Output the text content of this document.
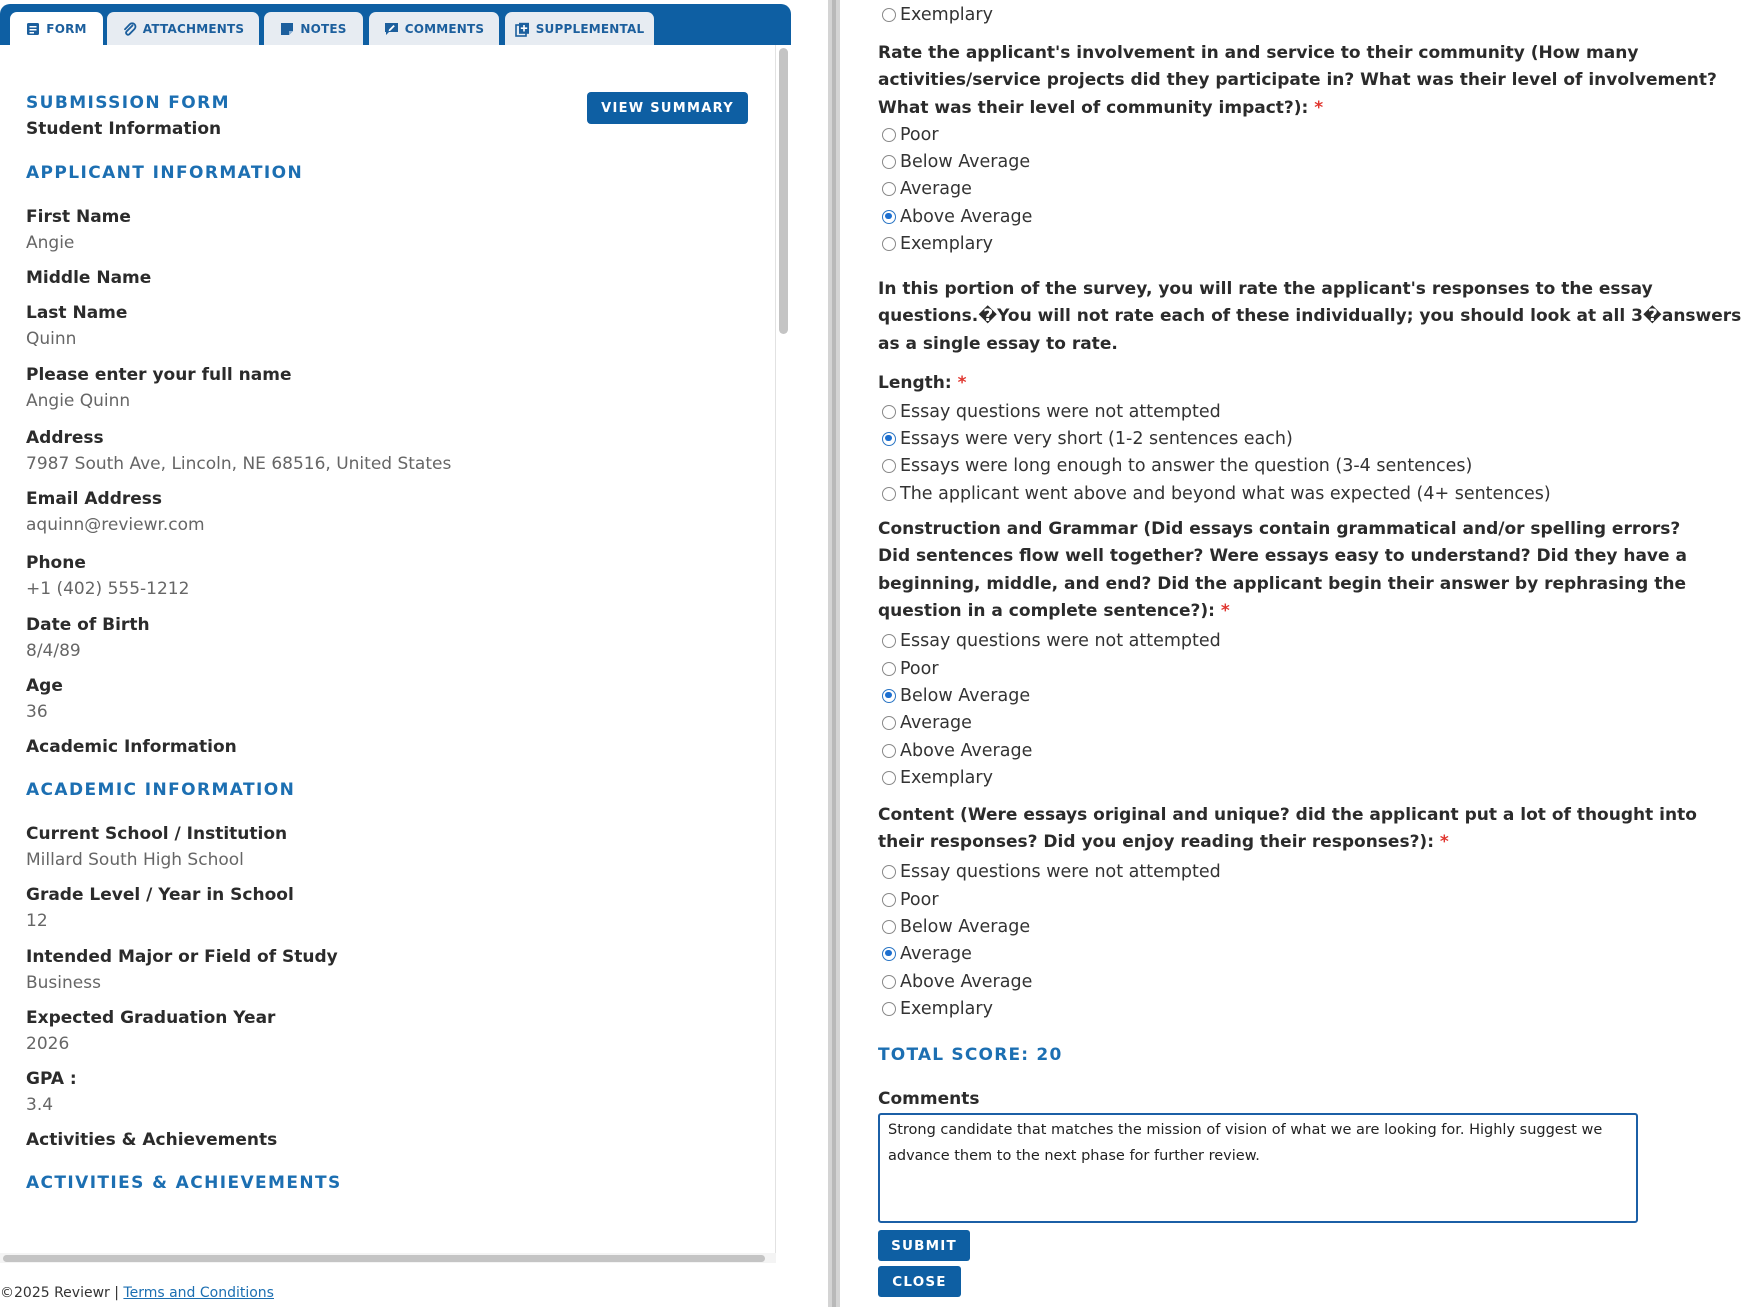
FORM	ATTACHMENTS	NOTES	COMMENTS	SUPPLEMENTAL
SUBMISSION FORM
Student Information
VIEW SUMMARY
APPLICANT INFORMATION
First Name
Angie
Middle Name
Last Name
Quinn
Please enter your full name
Angie Quinn
Address
7987 South Ave, Lincoln, NE 68516, United States
Email Address
aquinn@reviewr.com
Phone
+1 (402) 555-1212
Date of Birth
8/4/89
Age
36
Academic Information
ACADEMIC INFORMATION
Current School / Institution
Millard South High School
Grade Level / Year in School
12
Intended Major or Field of Study
Business
Expected Graduation Year
2026
GPA :
3.4
Activities & Achievements
ACTIVITIES & ACHIEVEMENTS
©2025 Reviewr | Terms and Conditions
Exemplary
Rate the applicant's involvement in and service to their community (How many
activities/service projects did they participate in? What was their level of involvement?
What was their level of community impact?): *
Poor
Below Average
Average
Above Average
Exemplary
In this portion of the survey, you will rate the applicant's responses to the essay
questions.�You will not rate each of these individually; you should look at all 3�answers
as a single essay to rate.
Length: *
Essay questions were not attempted
Essays were very short (1-2 sentences each)
Essays were long enough to answer the question (3-4 sentences)
The applicant went above and beyond what was expected (4+ sentences)
Construction and Grammar (Did essays contain grammatical and/or spelling errors?
Did sentences flow well together? Were essays easy to understand? Did they have a
beginning, middle, and end? Did the applicant begin their answer by rephrasing the
question in a complete sentence?): *
Essay questions were not attempted
Poor
Below Average
Average
Above Average
Exemplary
Content (Were essays original and unique? did the applicant put a lot of thought into
their responses? Did you enjoy reading their responses?): *
Essay questions were not attempted
Poor
Below Average
Average
Above Average
Exemplary
TOTAL SCORE: 20
Comments
Strong candidate that matches the mission of vision of what we are looking for. Highly suggest we advance them to the next phase for further review.
SUBMIT
CLOSE
